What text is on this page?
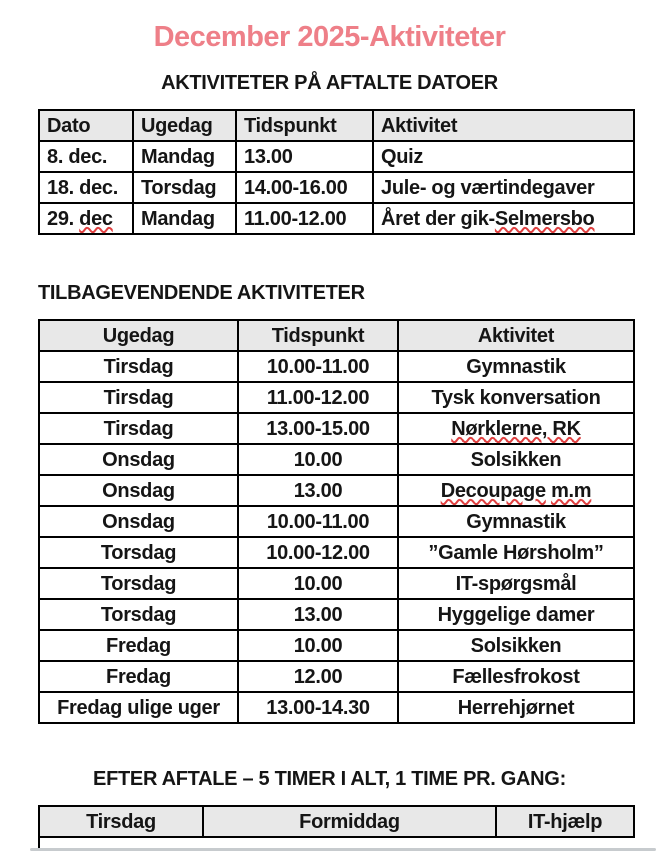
December 2025-Aktiviteter
AKTIVITETER PÅ AFTALTE DATOER
Dato	Ugedag	Tidspunkt	Aktivitet
8. dec.	Mandag	13.00	Quiz
18. dec.	Torsdag	14.00-16.00	Jule- og værtindegaver
29. dec	Mandag	11.00-12.00	Året der gik-Selmersbo
TILBAGEVENDENDE AKTIVITETER
Ugedag	Tidspunkt	Aktivitet
Tirsdag	10.00-11.00	Gymnastik
Tirsdag	11.00-12.00	Tysk konversation
Tirsdag	13.00-15.00	Nørklerne, RK
Onsdag	10.00	Solsikken
Onsdag	13.00	Decoupage m.m
Onsdag	10.00-11.00	Gymnastik
Torsdag	10.00-12.00	”Gamle Hørsholm”
Torsdag	10.00	IT-spørgsmål
Torsdag	13.00	Hyggelige damer
Fredag	10.00	Solsikken
Fredag	12.00	Fællesfrokost
Fredag ulige uger	13.00-14.30	Herrehjørnet
EFTER AFTALE – 5 TIMER I ALT, 1 TIME PR. GANG:
Tirsdag	Formiddag	IT-hjælp
